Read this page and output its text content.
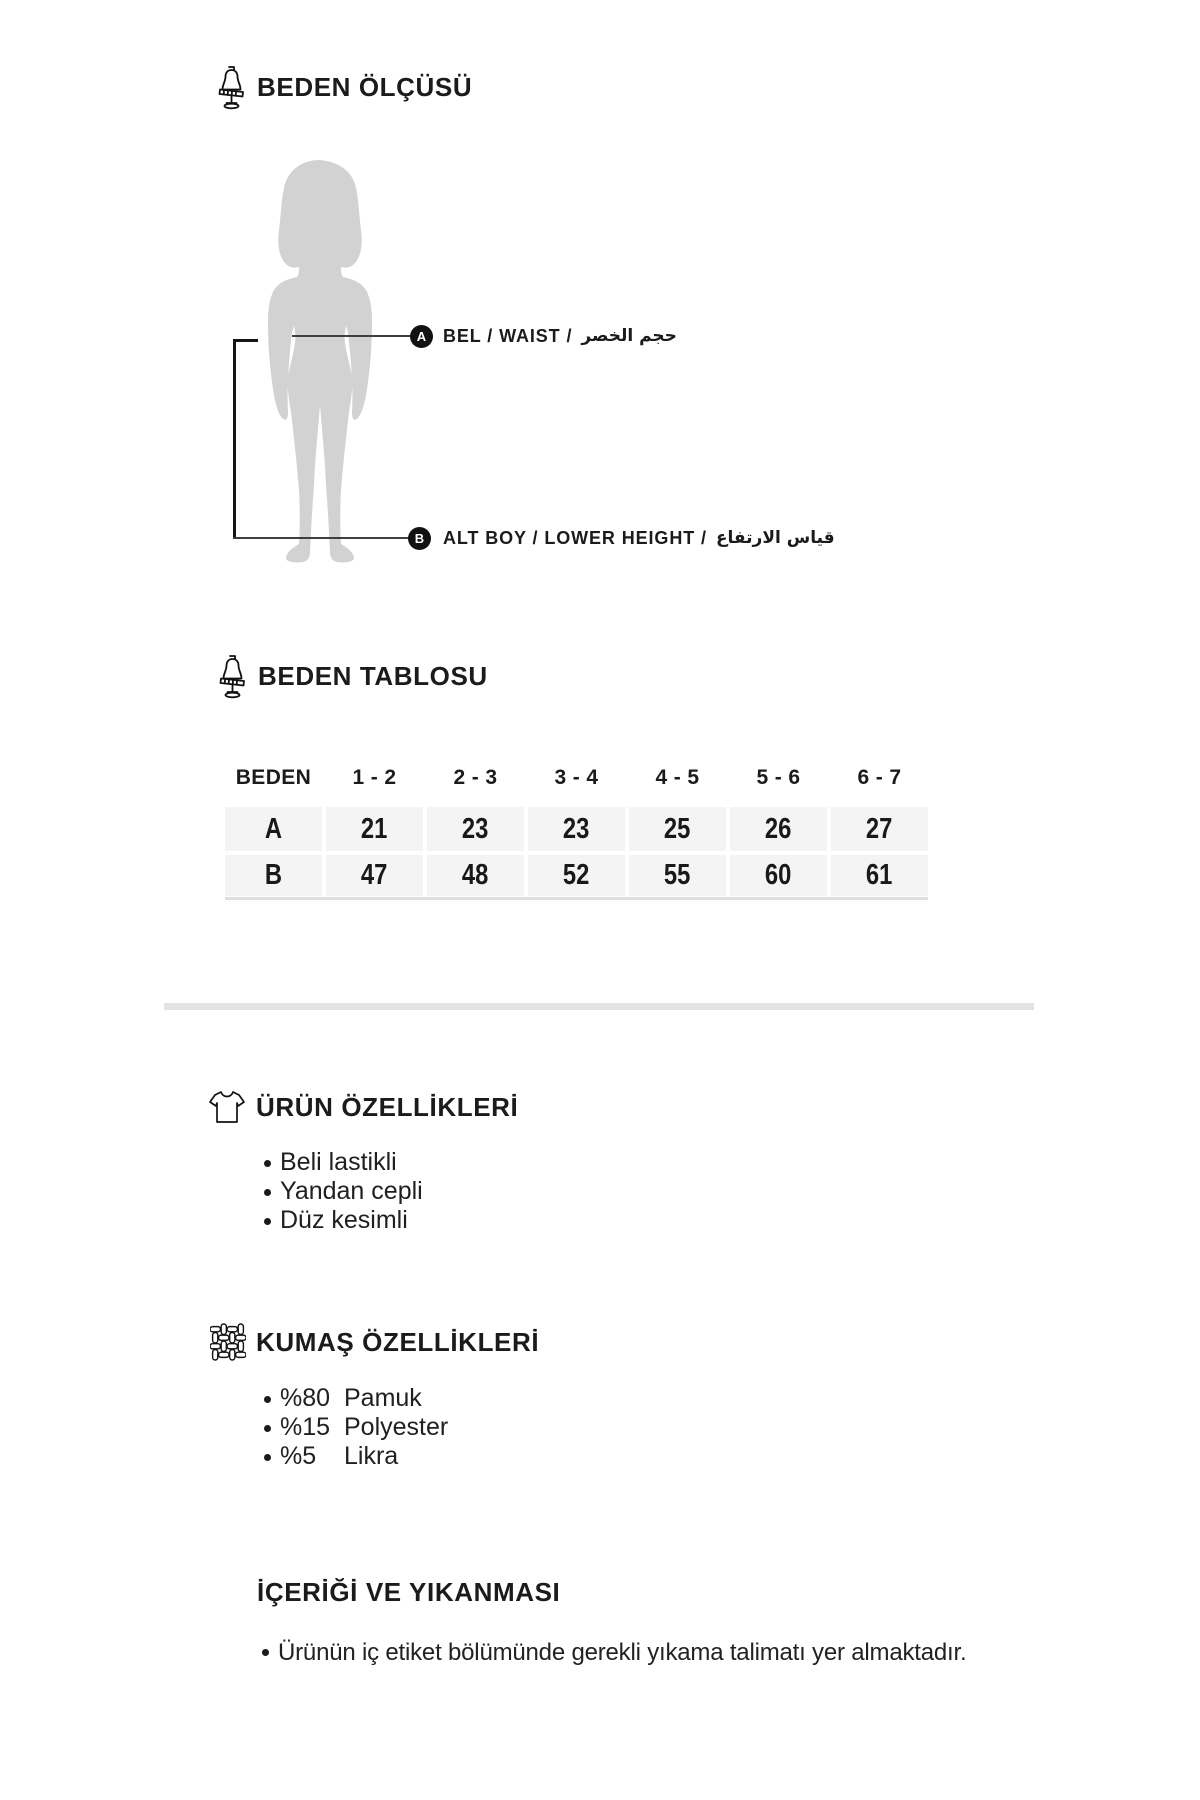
BEDEN ÖLÇÜSÜ
A BEL / WAIST / حجم الخصر
B ALT BOY / LOWER HEIGHT / قياس الارتفاع
BEDEN TABLOSU
BEDEN	1 - 2	2 - 3	3 - 4	4 - 5	5 - 6	6 - 7
A	21	23	23	25	26	27
B	47	48	52	55	60	61
ÜRÜN ÖZELLİKLERİ
Beli lastikli
Yandan cepli
Düz kesimli
KUMAŞ ÖZELLİKLERİ
%80 Pamuk
%15 Polyester
%5 Likra
İÇERİĞİ VE YIKANMASI

Ürünün iç etiket bölümünde gerekli yıkama talimatı yer almaktadır.
